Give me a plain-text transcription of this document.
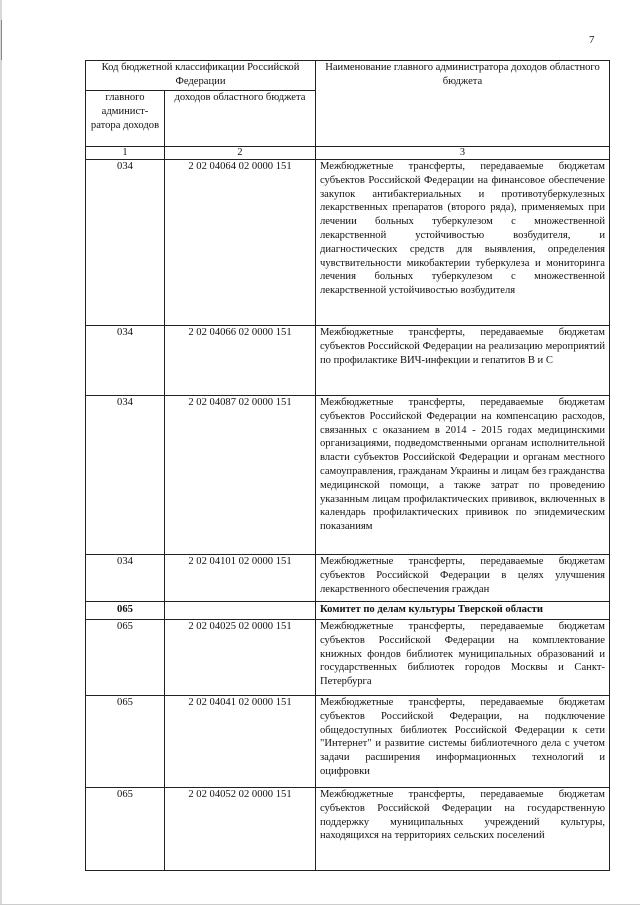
7
Код бюджетной классификации Российской Федерации		Наименование главного администратора доходов областного бюджета
главного админист-ратора доходов	доходов областного бюджета	
1	2	3
034	2 02 04064 02 0000 151	Межбюджетные трансферты, передаваемые бюджетам субъектов Российской Федерации на финансовое обеспечение закупок антибактериальных и противотуберкулезных лекарственных препаратов (второго ряда), применяемых при лечении больных туберкулезом с множественной лекарственной устойчивостью возбудителя, и диагностических средств для выявления, определения чувствительности микобактерии туберкулеза и мониторинга лечения больных туберкулезом с множественной лекарственной устойчивостью возбудителя
034	2 02 04066 02 0000 151	Межбюджетные трансферты, передаваемые бюджетам субъектов Российской Федерации на реализацию мероприятий по профилактике ВИЧ-инфекции и гепатитов В и С
034	2 02 04087 02 0000 151	Межбюджетные трансферты, передаваемые бюджетам субъектов Российской Федерации на компенсацию расходов, связанных с оказанием в 2014 - 2015 годах медицинскими организациями, подведомственными органам исполнительной власти субъектов Российской Федерации и органам местного самоуправления, гражданам Украины и лицам без гражданства медицинской помощи, а также затрат по проведению указанным лицам профилактических прививок, включенных в календарь профилактических прививок по эпидемическим показаниям
034	2 02 04101 02 0000 151	Межбюджетные трансферты, передаваемые бюджетам субъектов Российской Федерации в целях улучшения лекарственного обеспечения граждан
065		Комитет по делам культуры Тверской области
065	2 02 04025 02 0000 151	Межбюджетные трансферты, передаваемые бюджетам субъектов Российской Федерации на комплектование книжных фондов библиотек муниципальных образований и государственных библиотек городов Москвы и Санкт-Петербурга
065	2 02 04041 02 0000 151	Межбюджетные трансферты, передаваемые бюджетам субъектов Российской Федерации, на подключение общедоступных библиотек Российской Федерации к сети "Интернет" и развитие системы библиотечного дела с учетом задачи расширения информационных технологий и оцифровки
065	2 02 04052 02 0000 151	Межбюджетные трансферты, передаваемые бюджетам субъектов Российской Федерации на государственную поддержку муниципальных учреждений культуры, находящихся на территориях сельских поселений
